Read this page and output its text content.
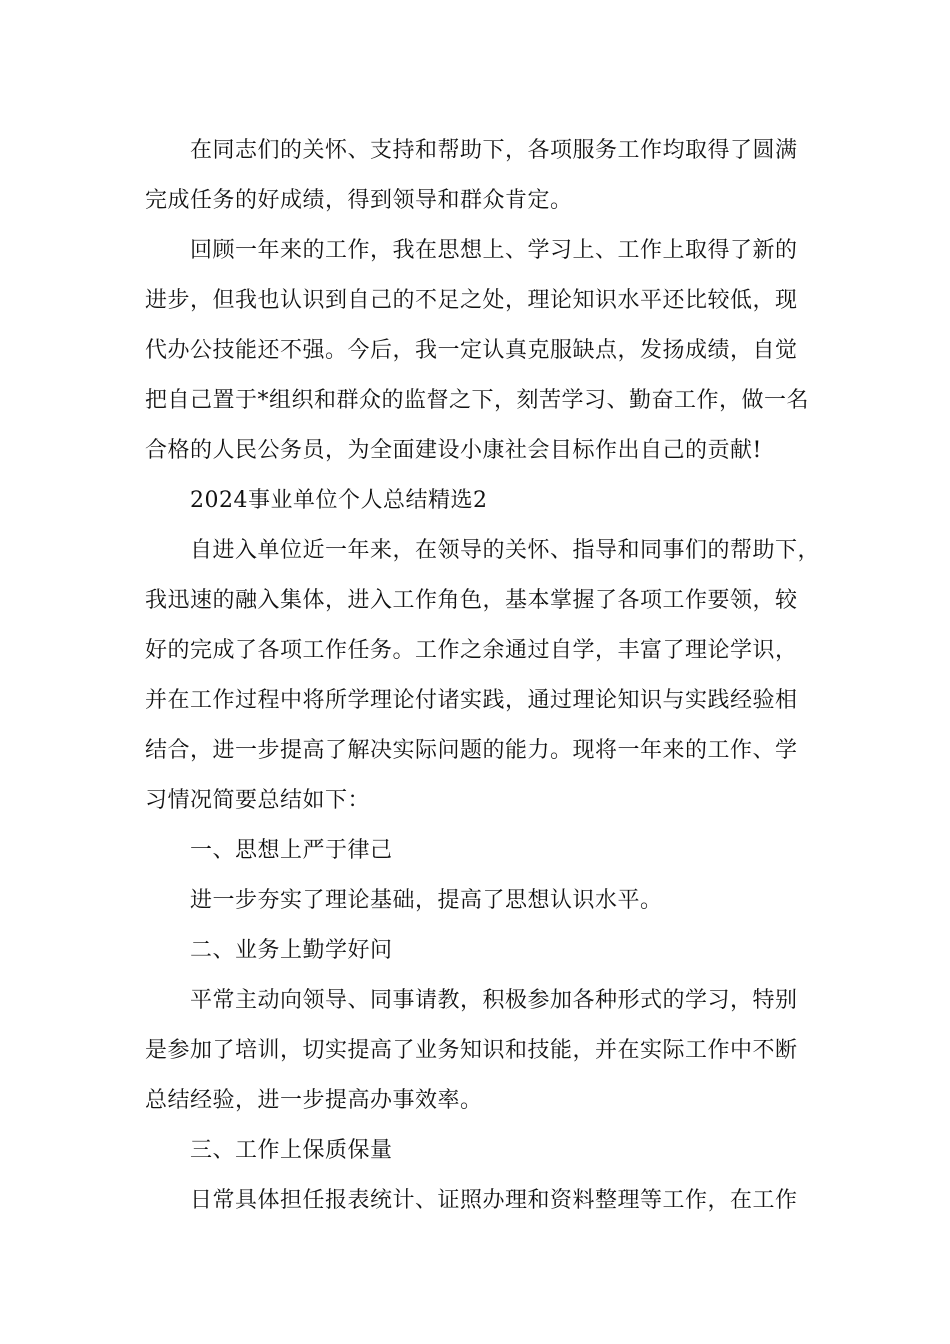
在同志们的关怀、支持和帮助下，各项服务工作均取得了圆满
完成任务的好成绩，得到领导和群众肯定。
回顾一年来的工作，我在思想上、学习上、工作上取得了新的
进步，但我也认识到自己的不足之处，理论知识水平还比较低，现
代办公技能还不强。今后，我一定认真克服缺点，发扬成绩，自觉
把自己置于*组织和群众的监督之下，刻苦学习、勤奋工作，做一名
合格的人民公务员，为全面建设小康社会目标作出自己的贡献!
2024事业单位个人总结精选2
自进入单位近一年来，在领导的关怀、指导和同事们的帮助下，
我迅速的融入集体，进入工作角色，基本掌握了各项工作要领，较
好的完成了各项工作任务。工作之余通过自学，丰富了理论学识，
并在工作过程中将所学理论付诸实践，通过理论知识与实践经验相
结合，进一步提高了解决实际问题的能力。现将一年来的工作、学
习情况简要总结如下：
一、思想上严于律己
进一步夯实了理论基础，提高了思想认识水平。
二、业务上勤学好问
平常主动向领导、同事请教，积极参加各种形式的学习，特别
是参加了培训，切实提高了业务知识和技能，并在实际工作中不断
总结经验，进一步提高办事效率。
三、工作上保质保量
日常具体担任报表统计、证照办理和资料整理等工作，在工作
